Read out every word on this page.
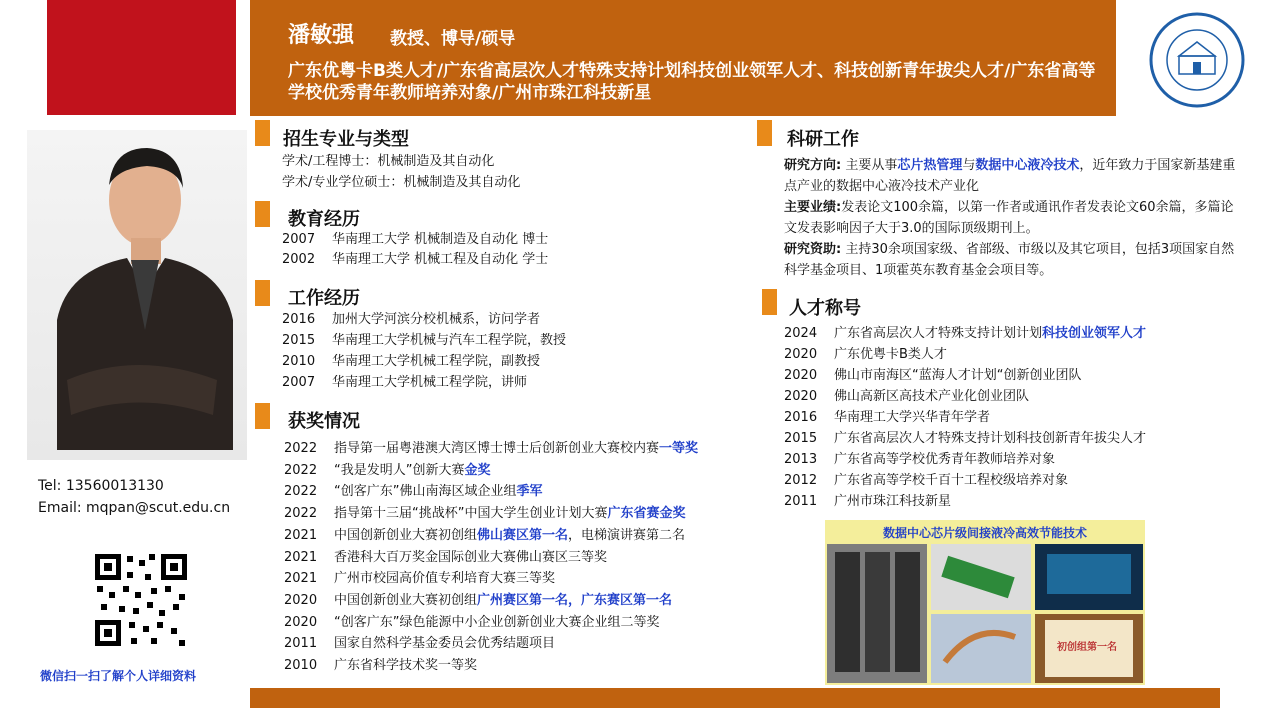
潘敏强 教授、博导/硕导
广东优粤卡B类人才/广东省高层次人才特殊支持计划科技创业领军人才、科技创新青年拔尖人才/广东省高等学校优秀青年教师培养对象/广州市珠江科技新星
招生专业与类型
学术/工程博士：机械制造及其自动化
学术/专业学位硕士：机械制造及其自动化
教育经历
2007 华南理工大学 机械制造及自动化 博士
2002 华南理工大学 机械工程及自动化 学士
工作经历
2016 加州大学河滨分校机械系，访问学者
2015 华南理工大学机械与汽车工程学院，教授
2010 华南理工大学机械工程学院，副教授
2007 华南理工大学机械工程学院，讲师
获奖情况
2022 指导第一届粤港澳大湾区博士博士后创新创业大赛校内赛一等奖
2022 “我是发明人”创新大赛金奖
2022 “创客广东”佛山南海区域企业组季军
2022 指导第十三届“挑战杯”中国大学生创业计划大赛广东省赛金奖
2021 中国创新创业大赛初创组佛山赛区第一名，电梯演讲赛第二名
2021 香港科大百万奖金国际创业大赛佛山赛区三等奖
2021 广州市校园高价值专利培育大赛三等奖
2020 中国创新创业大赛初创组广州赛区第一名，广东赛区第一名
2020 “创客广东”绿色能源中小企业创新创业大赛企业组二等奖
2011 国家自然科学基金委员会优秀结题项目
2010 广东省科学技术奖一等奖
科研工作
研究方向: 主要从事芯片热管理与数据中心液冷技术，近年致力于国家新基建重点产业的数据中心液冷技术产业化
主要业绩:发表论文100余篇，以第一作者或通讯作者发表论文60余篇，多篇论文发表影响因子大于3.0的国际顶级期刊上。
研究资助: 主持30余项国家级、省部级、市级以及其它项目，包括3项国家自然科学基金项目、1项霍英东教育基金会项目等。
人才称号
2024 广东省高层次人才特殊支持计划计划科技创业领军人才
2020 广东优粤卡B类人才
2020 佛山市南海区“蓝海人才计划“创新创业团队
2020 佛山高新区高技术产业化创业团队
2016 华南理工大学兴华青年学者
2015 广东省高层次人才特殊支持计划科技创新青年拔尖人才
2013 广东省高等学校优秀青年教师培养对象
2012 广东省高等学校千百十工程校级培养对象
2011 广州市珠江科技新星
数据中心芯片级间接液冷高效节能技术
初创组第一名
Tel: 13560013130
Email: mqpan@scut.edu.cn
微信扫一扫了解个人详细资料
